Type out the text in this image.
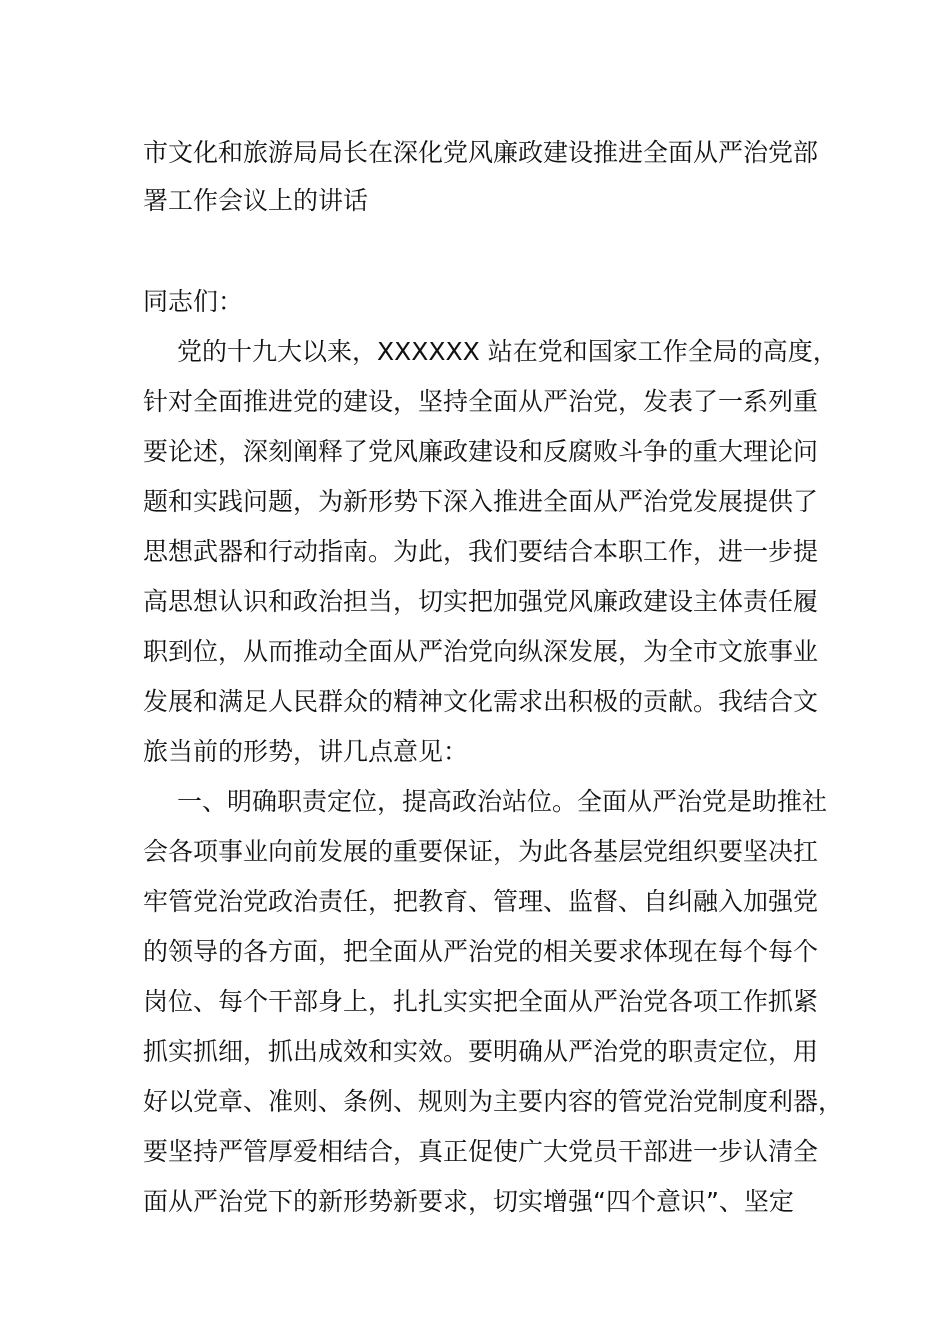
市文化和旅游局局长在深化党风廉政建设推进全面从严治党部
署工作会议上的讲话
同志们：
党的十九大以来，XXXXXX 站在党和国家工作全局的高度，
针对全面推进党的建设，坚持全面从严治党，发表了一系列重
要论述，深刻阐释了党风廉政建设和反腐败斗争的重大理论问
题和实践问题，为新形势下深入推进全面从严治党发展提供了
思想武器和行动指南。为此，我们要结合本职工作，进一步提
高思想认识和政治担当，切实把加强党风廉政建设主体责任履
职到位，从而推动全面从严治党向纵深发展，为全市文旅事业
发展和满足人民群众的精神文化需求出积极的贡献。我结合文
旅当前的形势，讲几点意见：
一、明确职责定位，提高政治站位。全面从严治党是助推社
会各项事业向前发展的重要保证，为此各基层党组织要坚决扛
牢管党治党政治责任，把教育、管理、监督、自纠融入加强党
的领导的各方面，把全面从严治党的相关要求体现在每个每个
岗位、每个干部身上，扎扎实实把全面从严治党各项工作抓紧
抓实抓细，抓出成效和实效。要明确从严治党的职责定位，用
好以党章、准则、条例、规则为主要内容的管党治党制度利器，
要坚持严管厚爱相结合，真正促使广大党员干部进一步认清全
面从严治党下的新形势新要求，切实增强“四个意识”、坚定
